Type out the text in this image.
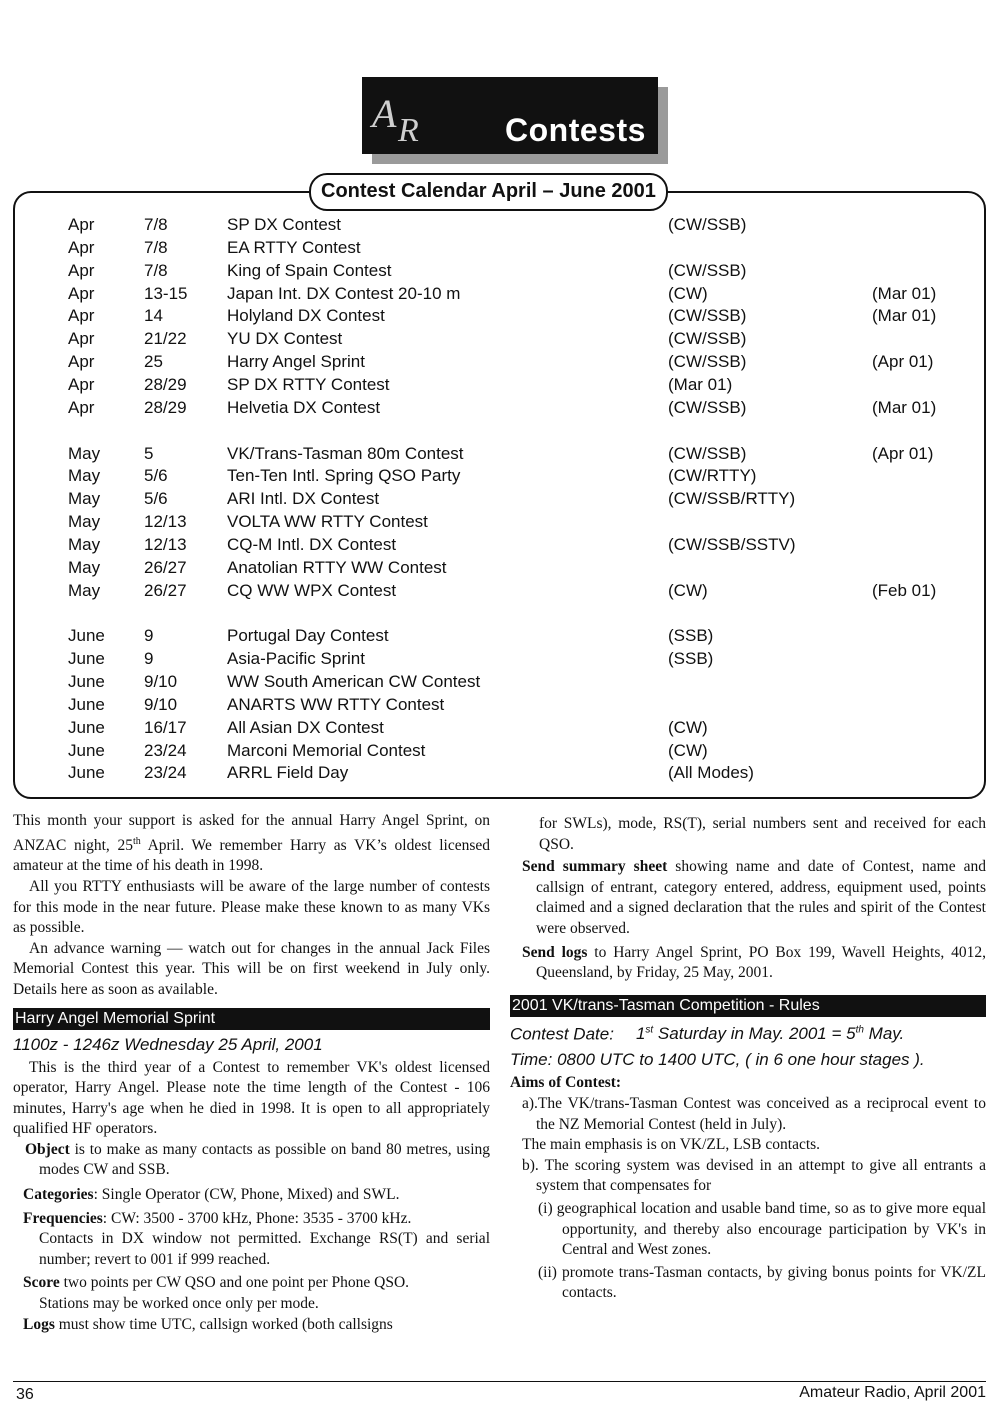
A R	Contests
Contest Calendar April – June 2001
Apr	7/8	SP DX Contest	(CW/SSB)
Apr	7/8	EA RTTY Contest
Apr	7/8	King of Spain Contest	(CW/SSB)
Apr	13-15 Japan Int. DX Contest 20-10 m	(CW)	(Mar 01)
Apr	14	Holyland DX Contest	(CW/SSB)	(Mar 01)
Apr	21/22 YU DX Contest	(CW/SSB)
Apr	25	Harry Angel Sprint	(CW/SSB)	(Apr 01)
Apr	28/29 SP DX RTTY Contest	(Mar 01)
Apr	28/29 Helvetia DX Contest	(CW/SSB)	(Mar 01)
May	5	VK/Trans-Tasman 80m Contest	(CW/SSB)	(Apr 01)
May	5/6	Ten-Ten Intl. Spring QSO Party	(CW/RTTY)
May	5/6	ARI Intl. DX Contest	(CW/SSB/RTTY)
May	12/13 VOLTA WW RTTY Contest
May	12/13 CQ-M Intl. DX Contest	(CW/SSB/SSTV)
May	26/27 Anatolian RTTY WW Contest
May	26/27 CQ WW WPX Contest	(CW)	(Feb 01)
June 9	Portugal Day Contest	(SSB)
June 9	Asia-Pacific Sprint	(SSB)
June 9/10	WW South American CW Contest
June 9/10	ANARTS WW RTTY Contest
June 16/17 All Asian DX Contest	(CW)
June 23/24 Marconi Memorial Contest	(CW)
June 23/24 ARRL Field Day	(All Modes)

This month your support is asked for the annual Harry Angel Sprint, on ANZAC night, 25th April. We remember Harry as VK’s oldest licensed amateur at the time of his death in 1998.

All you RTTY enthusiasts will be aware of the large number of contests for this mode in the near future. Please make these known to as many VKs as possible.

An advance warning — watch out for changes in the annual Jack Files Memorial Contest this year. This will be on first weekend in July only. Details here as soon as available.

Harry Angel Memorial Sprint
1100z - 1246z Wednesday 25 April, 2001

This is the third year of a Contest to remember VK's oldest licensed operator, Harry Angel. Please note the time length of the Contest - 106 minutes, Harry's age when he died in 1998. It is open to all appropriately qualified HF operators.

Object is to make as many contacts as possible on band 80 metres, using modes CW and SSB.

Categories: Single Operator (CW, Phone, Mixed) and SWL.

Frequencies: CW: 3500 - 3700 kHz, Phone: 3535 - 3700 kHz.

Contacts in DX window not permitted. Exchange RS(T) and serial number; revert to 001 if 999 reached.

Score two points per CW QSO and one point per Phone QSO.

Stations may be worked once only per mode.

Logs must show time UTC, callsign worked (both callsigns

for SWLs), mode, RS(T), serial numbers sent and received for each QSO.

Send summary sheet showing name and date of Contest, name and callsign of entrant, category entered, address, equipment used, points claimed and a signed declaration that the rules and spirit of the Contest were observed.

Send logs to Harry Angel Sprint, PO Box 199, Wavell Heights, 4012, Queensland, by Friday, 25 May, 2001.

2001 VK/trans-Tasman Competition - Rules
Contest Date: 1st Saturday in May. 2001 = 5th May.
Time: 0800 UTC to 1400 UTC, ( in 6 one hour stages ).

Aims of Contest:

a).The VK/trans-Tasman Contest was conceived as a reciprocal event to the NZ Memorial Contest (held in July).

The main emphasis is on VK/ZL, LSB contacts.

b). The scoring system was devised in an attempt to give all entrants a system that compensates for

(i) geographical location and usable band time, so as to give more equal opportunity, and thereby also encourage participation by VK's in Central and West zones.

(ii) promote trans-Tasman contacts, by giving bonus points for VK/ZL contacts.

36	Amateur Radio, April 2001
